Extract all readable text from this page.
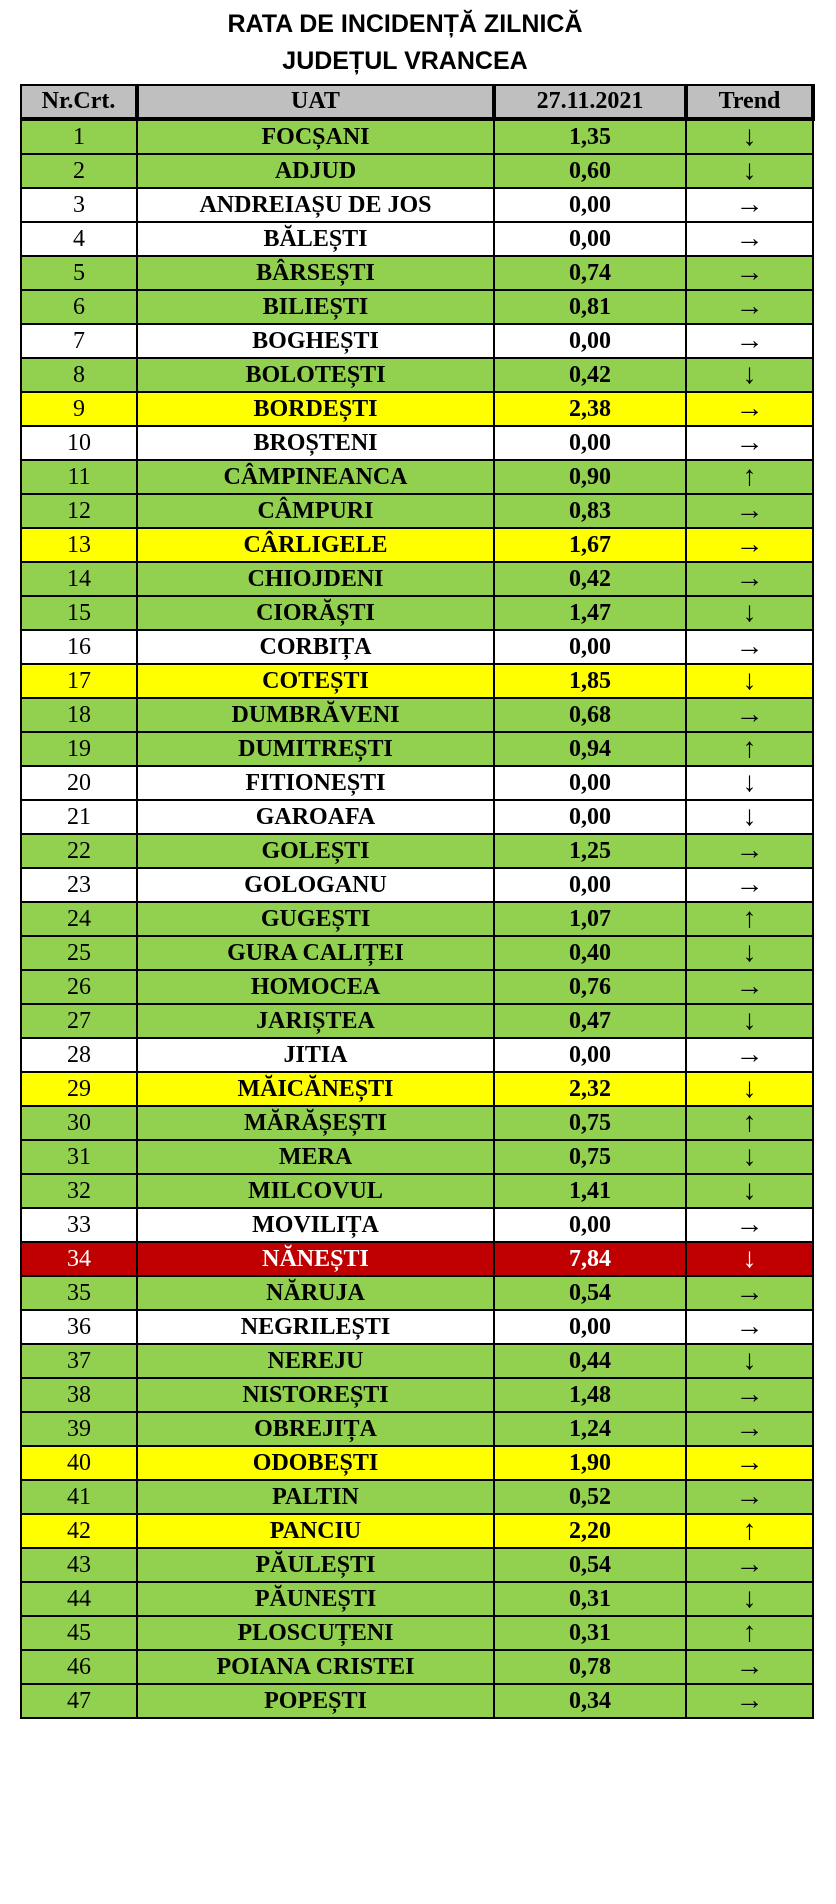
RATA DE INCIDENȚĂ ZILNICĂ
JUDEȚUL VRANCEA
Nr.Crt.	UAT	27.11.2021	Trend
1	FOCȘANI	1,35	↓
2	ADJUD	0,60	↓
3	ANDREIAȘU DE JOS	0,00	→
4	BĂLEȘTI	0,00	→
5	BÂRSEȘTI	0,74	→
6	BILIEȘTI	0,81	→
7	BOGHEȘTI	0,00	→
8	BOLOTEȘTI	0,42	↓
9	BORDEȘTI	2,38	→
10	BROȘTENI	0,00	→
11	CÂMPINEANCA	0,90	↑
12	CÂMPURI	0,83	→
13	CÂRLIGELE	1,67	→
14	CHIOJDENI	0,42	→
15	CIORĂȘTI	1,47	↓
16	CORBIȚA	0,00	→
17	COTEȘTI	1,85	↓
18	DUMBRĂVENI	0,68	→
19	DUMITREȘTI	0,94	↑
20	FITIONEȘTI	0,00	↓
21	GAROAFA	0,00	↓
22	GOLEȘTI	1,25	→
23	GOLOGANU	0,00	→
24	GUGEȘTI	1,07	↑
25	GURA CALIȚEI	0,40	↓
26	HOMOCEA	0,76	→
27	JARIȘTEA	0,47	↓
28	JITIA	0,00	→
29	MĂICĂNEȘTI	2,32	↓
30	MĂRĂȘEȘTI	0,75	↑
31	MERA	0,75	↓
32	MILCOVUL	1,41	↓
33	MOVILIȚA	0,00	→
34	NĂNEȘTI	7,84	↓
35	NĂRUJA	0,54	→
36	NEGRILEȘTI	0,00	→
37	NEREJU	0,44	↓
38	NISTOREȘTI	1,48	→
39	OBREJIȚA	1,24	→
40	ODOBEȘTI	1,90	→
41	PALTIN	0,52	→
42	PANCIU	2,20	↑
43	PĂULEȘTI	0,54	→
44	PĂUNEȘTI	0,31	↓
45	PLOSCUȚENI	0,31	↑
46	POIANA CRISTEI	0,78	→
47	POPEȘTI	0,34	→
